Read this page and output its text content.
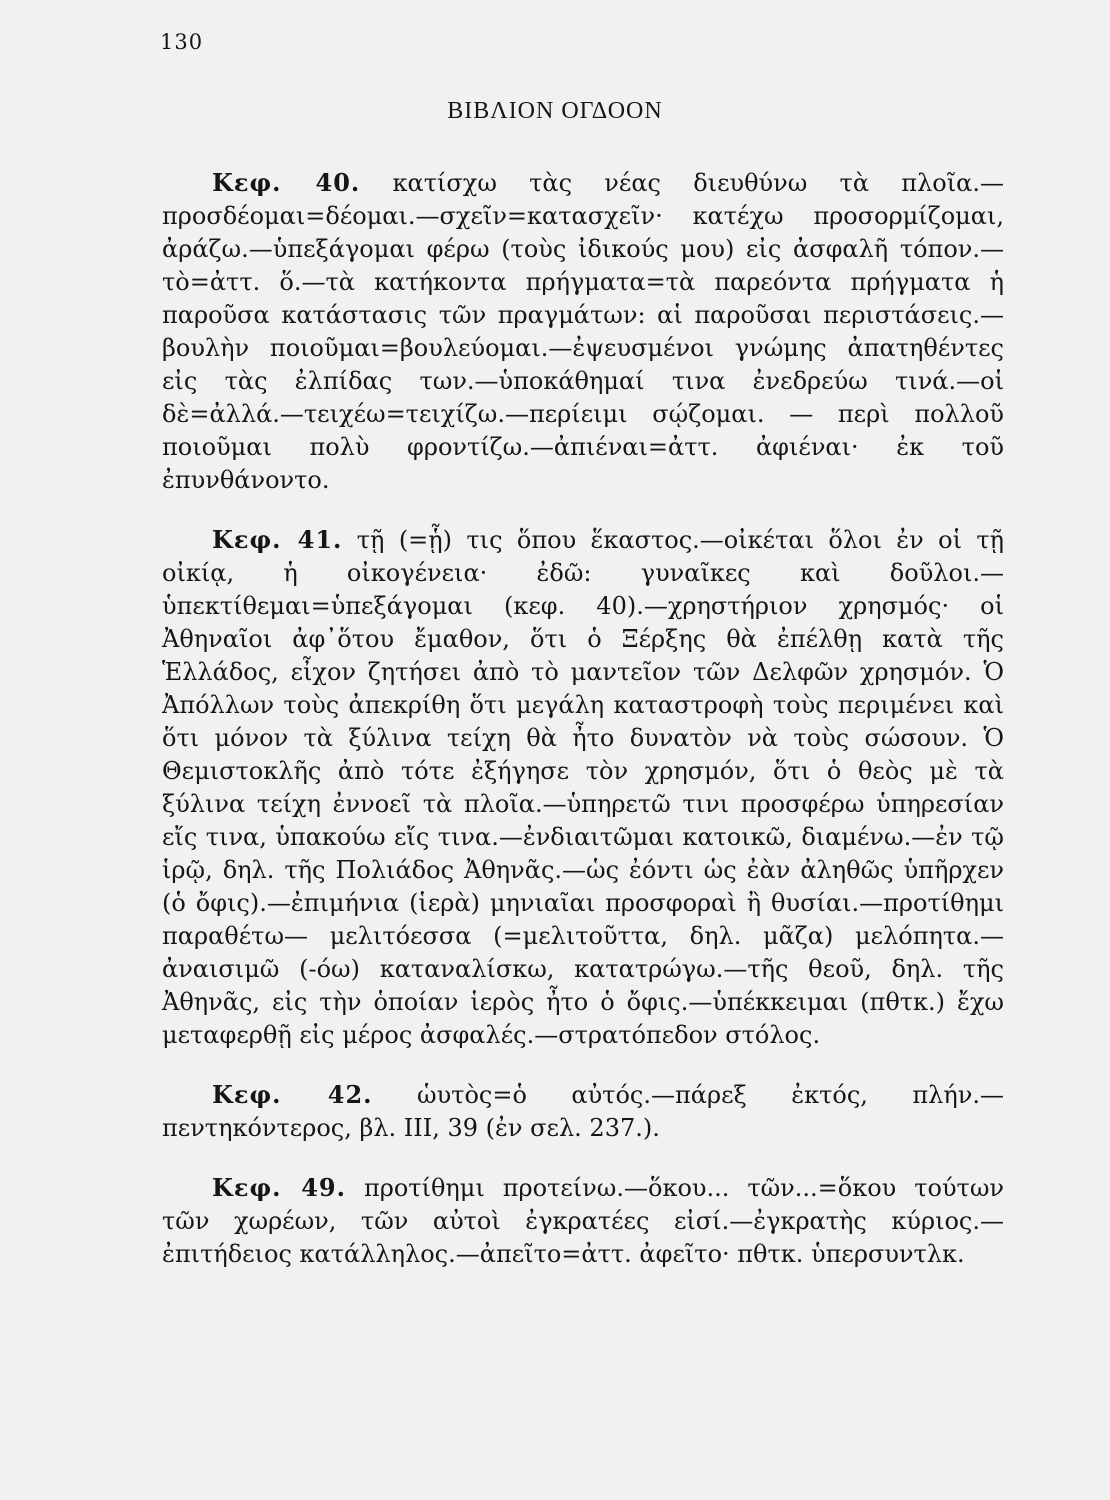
130
ΒΙΒΛΙΟΝ ΟΓΔΟΟΝ

Κεφ. 40. κατίσχω τὰς νέας διευθύνω τὰ πλοῖα.—προσδέομαι=δέομαι.—σχεῖν=κατασχεῖν· κατέχω προσορμίζομαι, ἀράζω.—ὑπεξάγομαι φέρω (τοὺς ἰδικούς μου) εἰς ἀσφαλῆ τόπον.—τὸ=ἀττ. ὅ.—τὰ κατήκοντα πρήγματα=τὰ παρεόντα πρήγματα ἡ παροῦσα κατάστασις τῶν πραγμάτων: αἱ παροῦσαι περιστάσεις.—βουλὴν ποιοῦμαι=βουλεύομαι.—ἐψευσμένοι γνώμης ἀπατηθέντες εἰς τὰς ἐλπίδας των.—ὑποκάθημαί τινα ἐνεδρεύω τινά.—οἱ δὲ=ἀλλά.—τειχέω=τειχίζω.—περίειμι σῴζομαι. — περὶ πολλοῦ ποιοῦμαι πολὺ φροντίζω.—ἀπιέναι=ἀττ. ἀφιέναι· ἐκ τοῦ ἐπυνθάνοντο.

Κεφ. 41. τῇ (=ᾗ) τις ὅπου ἕκαστος.—οἰκέται ὅλοι ἐν οἱ τῇ οἰκίᾳ, ἡ οἰκογένεια· ἐδῶ: γυναῖκες καὶ δοῦλοι.—ὑπεκτίθεμαι=ὑπεξάγομαι (κεφ. 40).—χρηστήριον χρησμός· οἱ Ἀθηναῖοι ἀφ᾽ὅτου ἔμαθον, ὅτι ὁ Ξέρξης θὰ ἐπέλθῃ κατὰ τῆς Ἑλλάδος, εἶχον ζητήσει ἀπὸ τὸ μαντεῖον τῶν Δελφῶν χρησμόν. Ὁ Ἀπόλλων τοὺς ἀπεκρίθη ὅτι μεγάλη καταστροφὴ τοὺς περιμένει καὶ ὅτι μόνον τὰ ξύλινα τείχη θὰ ἦτο δυνατὸν νὰ τοὺς σώσουν. Ὁ Θεμιστοκλῆς ἀπὸ τότε ἐξήγησε τὸν χρησμόν, ὅτι ὁ θεὸς μὲ τὰ ξύλινα τείχη ἐννοεῖ τὰ πλοῖα.—ὑπηρετῶ τινι προσφέρω ὑπηρεσίαν εἴς τινα, ὑπακούω εἴς τινα.—ἐνδιαιτῶμαι κατοικῶ, διαμένω.—ἐν τῷ ἱρῷ, δηλ. τῆς Πολιάδος Ἀθηνᾶς.—ὡς ἐόντι ὡς ἐὰν ἀληθῶς ὑπῆρχεν (ὁ ὄφις).—ἐπιμήνια (ἱερὰ) μηνιαῖαι προσφοραὶ ἢ θυσίαι.—προτίθημι παραθέτω— μελιτόεσσα (=μελιτοῦττα, δηλ. μᾶζα) μελόπητα.—ἀναισιμῶ (-όω) καταναλίσκω, κατατρώγω.—τῆς θεοῦ, δηλ. τῆς Ἀθηνᾶς, εἰς τὴν ὁποίαν ἱερὸς ἦτο ὁ ὄφις.—ὑπέκκειμαι (πθτκ.) ἔχω μεταφερθῇ εἰς μέρος ἀσφαλές.—στρατόπεδον στόλος.

Κεφ. 42. ὡυτὸς=ὁ αὐτός.—πάρεξ ἐκτός, πλήν.—πεντηκόντερος, βλ. III, 39 (ἐν σελ. 237.).

Κεφ. 49. προτίθημι προτείνω.—ὅκου... τῶν...=ὅκου τούτων τῶν χωρέων, τῶν αὐτοὶ ἐγκρατέες εἰσί.—ἐγκρατὴς κύριος.—ἐπιτήδειος κατάλληλος.—ἀπεῖτο=ἀττ. ἀφεῖτο· πθτκ. ὑπερσυντλκ.
